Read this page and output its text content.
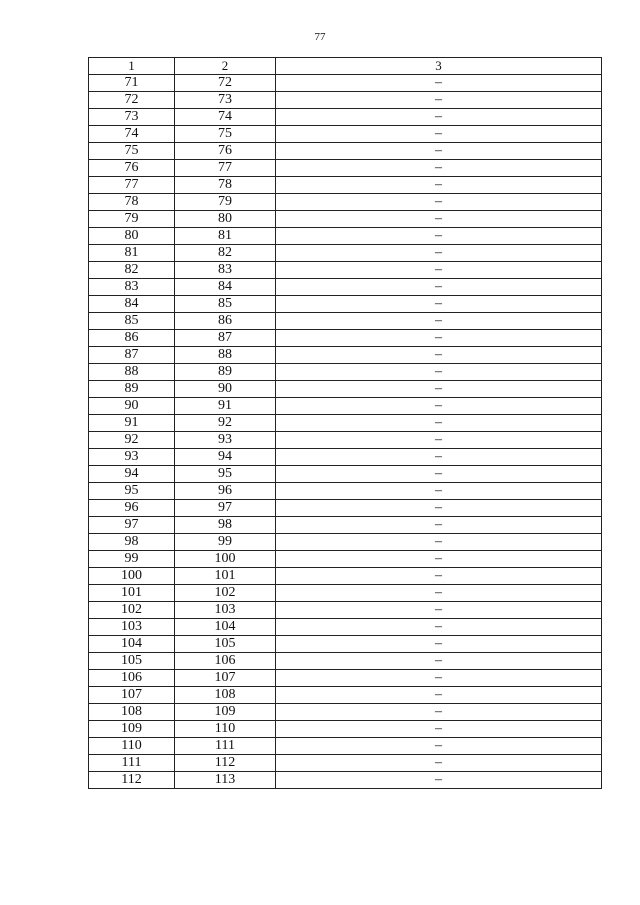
77
1	2	3
71	72	–
72	73	–
73	74	–
74	75	–
75	76	–
76	77	–
77	78	–
78	79	–
79	80	–
80	81	–
81	82	–
82	83	–
83	84	–
84	85	–
85	86	–
86	87	–
87	88	–
88	89	–
89	90	–
90	91	–
91	92	–
92	93	–
93	94	–
94	95	–
95	96	–
96	97	–
97	98	–
98	99	–
99	100	–
100	101	–
101	102	–
102	103	–
103	104	–
104	105	–
105	106	–
106	107	–
107	108	–
108	109	–
109	110	–
110	111	–
111	112	–
112	113	–
